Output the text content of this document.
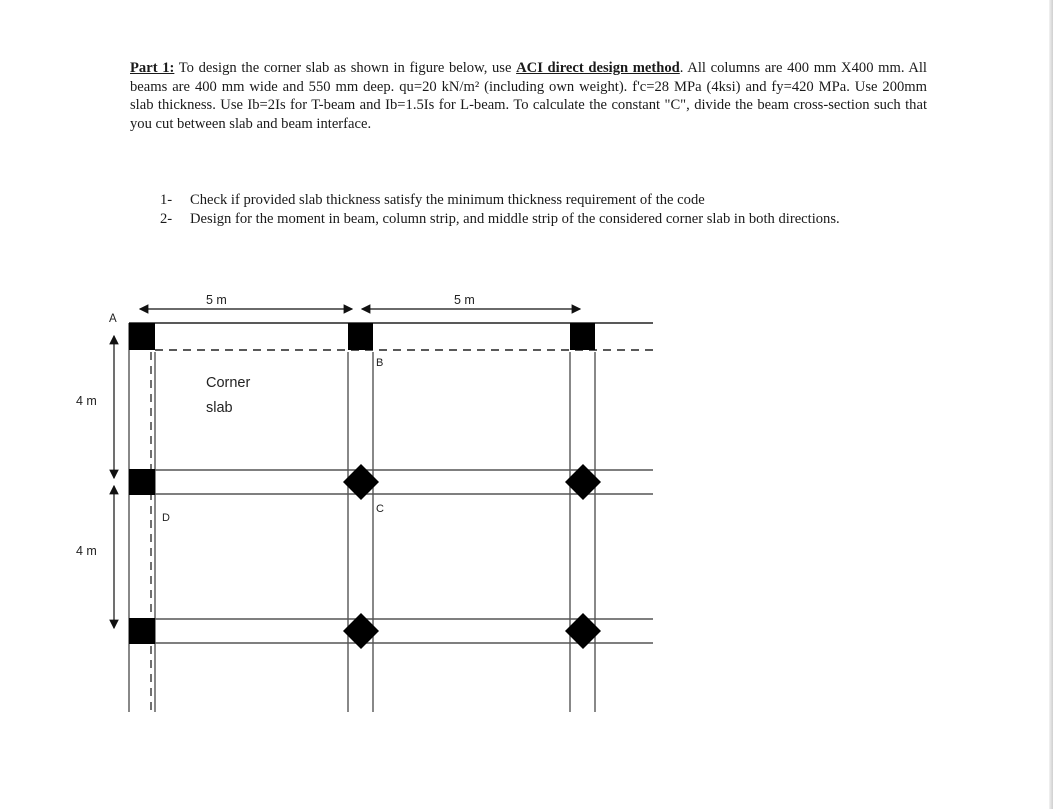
Part 1: To design the corner slab as shown in figure below, use ACI direct design method. All columns are 400 mm X400 mm. All beams are 400 mm wide and 550 mm deep. qu=20 kN/m² (including own weight). f'c=28 MPa (4ksi) and fy=420 MPa. Use 200mm slab thickness. Use Ib=2Is for T-beam and Ib=1.5Is for L-beam. To calculate the constant "C", divide the beam cross-section such that you cut between slab and beam interface.

1-	Check if provided slab thickness satisfy the minimum thickness requirement of the code
2-	Design for the moment in beam, column strip, and middle strip of the considered corner slab in both directions.
5 m	5 m
4 m
4 m
A
B
C
D
Corner
slab
